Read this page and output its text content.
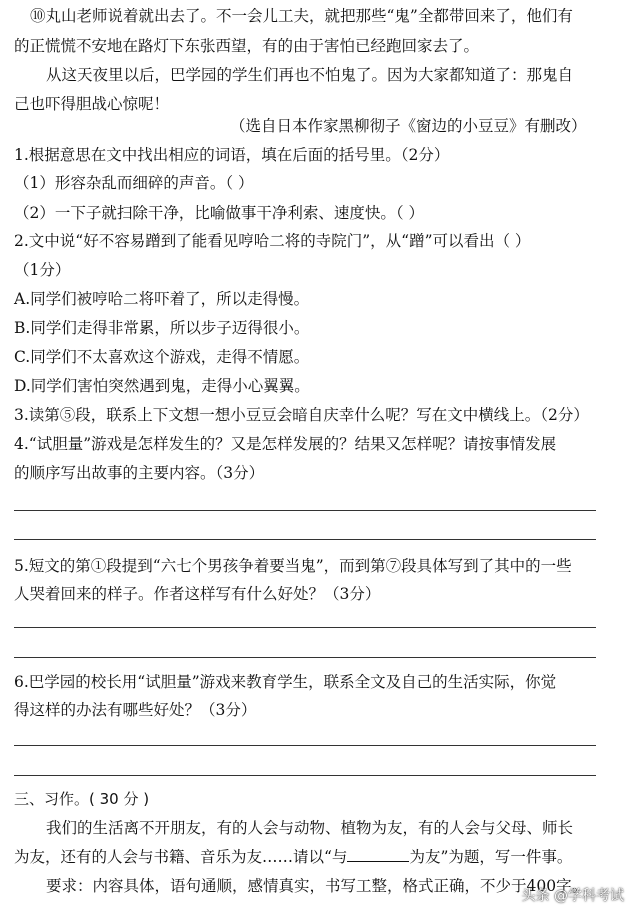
⑩丸山老师说着就出去了。不一会儿工夫，就把那些“鬼”全都带回来了，他们有
的正慌慌不安地在路灯下东张西望，有的由于害怕已经跑回家去了。
从这天夜里以后，巴学园的学生们再也不怕鬼了。因为大家都知道了：那鬼自
己也吓得胆战心惊呢！
（选自日本作家黑柳彻子《窗边的小豆豆》有删改）
1.根据意思在文中找出相应的词语，填在后面的括号里。（2分）
（1）形容杂乱而细碎的声音。（ ）
（2）一下子就扫除干净，比喻做事干净利索、速度快。（ ）
2.文中说“好不容易蹭到了能看见哼哈二将的寺院门”，从“蹭”可以看出（ ）
（1分）
A.同学们被哼哈二将吓着了，所以走得慢。
B.同学们走得非常累，所以步子迈得很小。
C.同学们不太喜欢这个游戏，走得不情愿。
D.同学们害怕突然遇到鬼，走得小心翼翼。
3.读第⑤段，联系上下文想一想小豆豆会暗自庆幸什么呢？写在文中横线上。（2分）
4.“试胆量”游戏是怎样发生的？又是怎样发展的？结果又怎样呢？请按事情发展
的顺序写出故事的主要内容。（3分）
5.短文的第①段提到“六七个男孩争着要当鬼”，而到第⑦段具体写到了其中的一些
人哭着回来的样子。作者这样写有什么好处？（3分）
6.巴学园的校长用“试胆量”游戏来教育学生，联系全文及自己的生活实际，你觉
得这样的办法有哪些好处？（3分）
三、习作。( 30 分 )
我们的生活离不开朋友，有的人会与动物、植物为友，有的人会与父母、师长
为友，还有的人会与书籍、音乐为友……请以“与	为友”为题，写一件事。
要求：内容具体，语句通顺，感情真实，书写工整，格式正确，不少于400字。
头条 @学科考试
